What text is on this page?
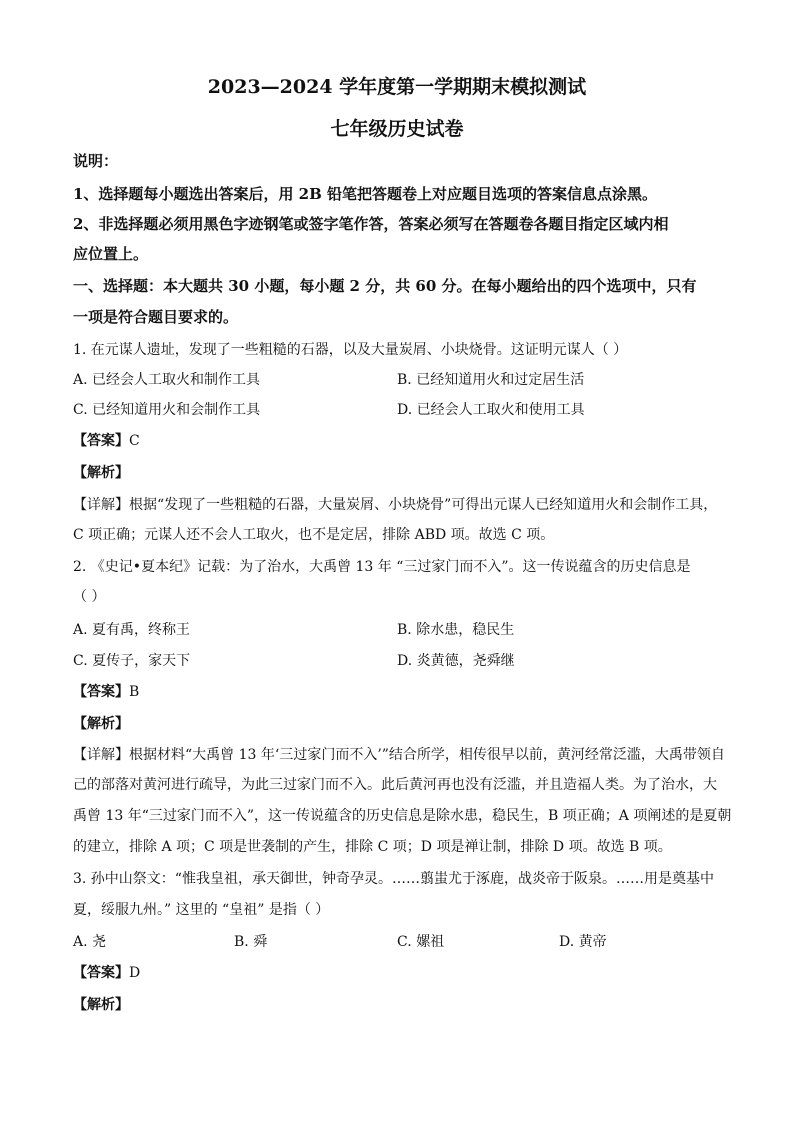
2023—2024 学年度第一学期期末模拟测试
七年级历史试卷
说明：
1、选择题每小题选出答案后，用 2B 铅笔把答题卷上对应题目选项的答案信息点涂黑。
2、非选择题必须用黑色字迹钢笔或签字笔作答，答案必须写在答题卷各题目指定区域内相
应位置上。
一、选择题：本大题共 30 小题，每小题 2 分，共 60 分。在每小题给出的四个选项中，只有
一项是符合题目要求的。
1. 在元谋人遗址，发现了一些粗糙的石器，以及大量炭屑、小块烧骨。这证明元谋人（ ）
A. 已经会人工取火和制作工具	B. 已经知道用火和过定居生活
C. 已经知道用火和会制作工具	D. 已经会人工取火和使用工具
【答案】C
【解析】
【详解】根据“发现了一些粗糙的石器，大量炭屑、小块烧骨”可得出元谋人已经知道用火和会制作工具，
C 项正确；元谋人还不会人工取火，也不是定居，排除 ABD 项。故选 C 项。
2. 《史记•夏本纪》记载：为了治水，大禹曾 13 年 “三过家门而不入”。这一传说蕴含的历史信息是
（ ）
A. 夏有禹，终称王	B. 除水患，稳民生
C. 夏传子，家天下	D. 炎黄德，尧舜继
【答案】B
【解析】
【详解】根据材料“大禹曾 13 年‘三过家门而不入’”结合所学，相传很早以前，黄河经常泛滥，大禹带领自
己的部落对黄河进行疏导，为此三过家门而不入。此后黄河再也没有泛滥，并且造福人类。为了治水，大
禹曾 13 年“三过家门而不入”，这一传说蕴含的历史信息是除水患，稳民生，B 项正确；A 项阐述的是夏朝
的建立，排除 A 项；C 项是世袭制的产生，排除 C 项；D 项是禅让制，排除 D 项。故选 B 项。
3. 孙中山祭文：“惟我皇祖，承天御世，钟奇孕灵。……翦蚩尤于涿鹿，战炎帝于阪泉。……用是奠基中
夏，绥服九州。” 这里的 “皇祖” 是指（ ）
A. 尧	B. 舜	C. 嫘祖	D. 黄帝
【答案】D
【解析】
